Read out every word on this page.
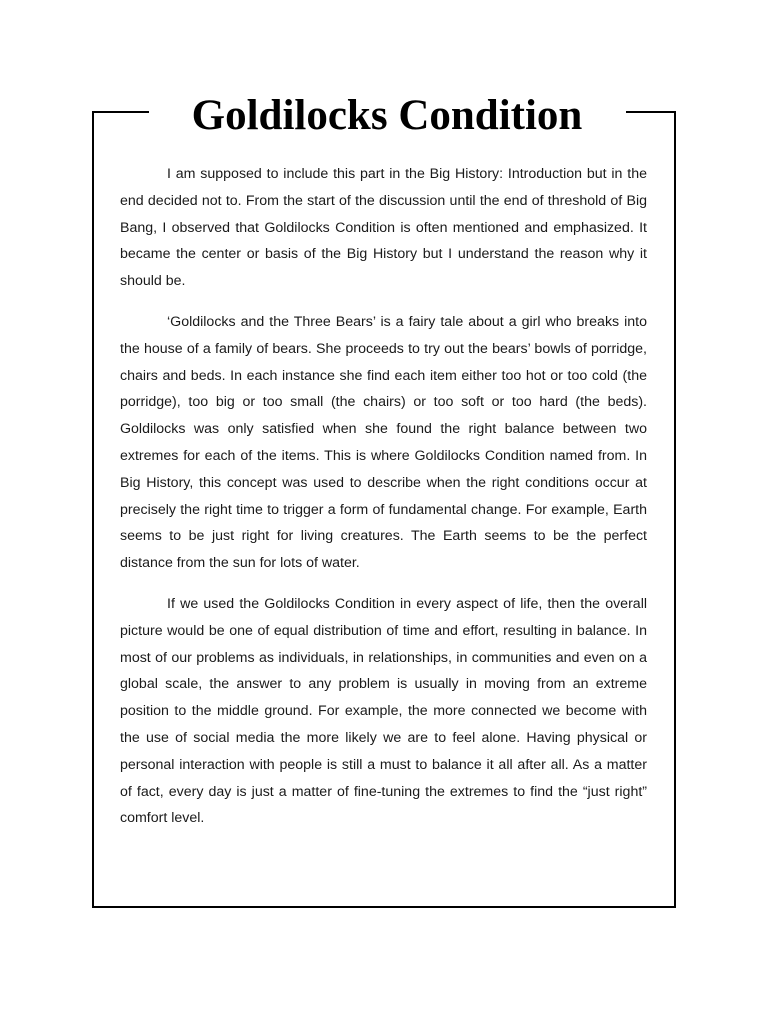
Goldilocks Condition

I am supposed to include this part in the Big History: Introduction but in the end decided not to. From the start of the discussion until the end of threshold of Big Bang, I observed that Goldilocks Condition is often mentioned and emphasized. It became the center or basis of the Big History but I understand the reason why it should be.

‘Goldilocks and the Three Bears’ is a fairy tale about a girl who breaks into the house of a family of bears. She proceeds to try out the bears’ bowls of porridge, chairs and beds. In each instance she find each item either too hot or too cold (the porridge), too big or too small (the chairs) or too soft or too hard (the beds). Goldilocks was only satisfied when she found the right balance between two extremes for each of the items. This is where Goldilocks Condition named from. In Big History, this concept was used to describe when the right conditions occur at precisely the right time to trigger a form of fundamental change. For example, Earth seems to be just right for living creatures. The Earth seems to be the perfect distance from the sun for lots of water.

If we used the Goldilocks Condition in every aspect of life, then the overall picture would be one of equal distribution of time and effort, resulting in balance. In most of our problems as individuals, in relationships, in communities and even on a global scale, the answer to any problem is usually in moving from an extreme position to the middle ground. For example, the more connected we become with the use of social media the more likely we are to feel alone. Having physical or personal interaction with people is still a must to balance it all after all. As a matter of fact, every day is just a matter of fine-tuning the extremes to find the “just right” comfort level.
